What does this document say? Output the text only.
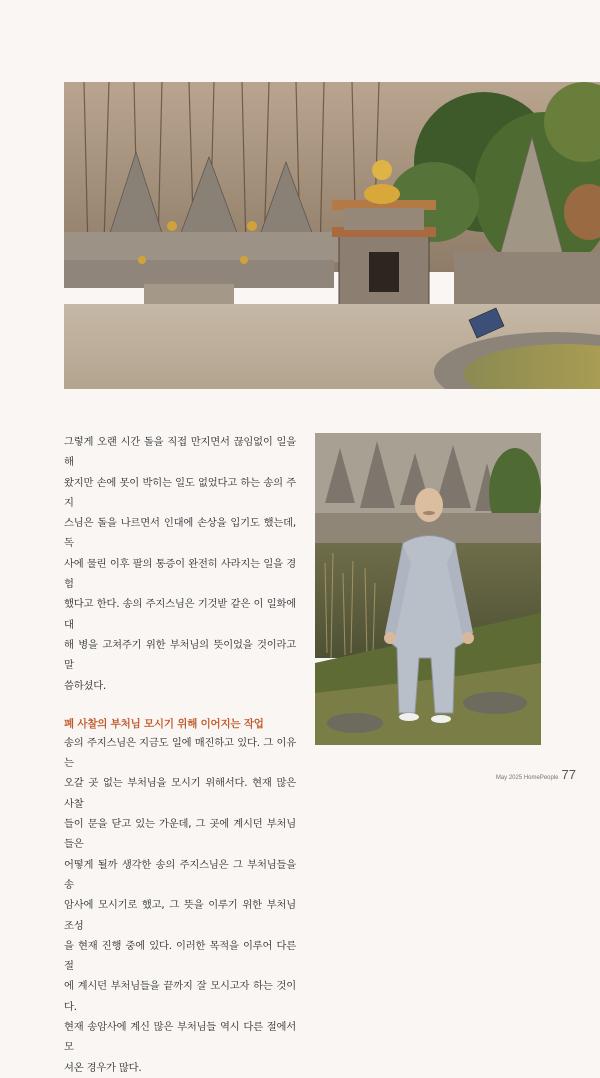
그렇게 오랜 시간 돌을 직접 만지면서 끊임없이 일을 해
왔지만 손에 못이 박히는 일도 없었다고 하는 송의 주지
스님은 돌을 나르면서 인대에 손상을 입기도 했는데, 독
사에 물린 이후 팔의 통증이 완전히 사라지는 일을 경험
했다고 한다. 송의 주지스님은 기것받 같은 이 일화에 대
해 병을 고쳐주기 위한 부처님의 뜻이었을 것이라고 말
씀하셨다.

폐 사찰의 부처님 모시기 위해 이어지는 작업

송의 주지스님은 지금도 일에 매진하고 있다. 그 이유는
오갈 곳 없는 부처님을 모시기 위해서다. 현재 많은 사찰
들이 문을 닫고 있는 가운데, 그 곳에 계시던 부처님들은
어떻게 될까 생각한 송의 주지스님은 그 부처님들을 송
암사에 모시기로 했고, 그 뜻을 이루기 위한 부처님 조성
을 현재 진행 중에 있다. 이러한 목적을 이루어 다른 절
에 계시던 부처님들을 끝까지 잘 모시고자 하는 것이다.
현재 송암사에 계신 많은 부처님들 역시 다른 절에서 모
셔온 경우가 많다.

May 2025 HomePeople 77
